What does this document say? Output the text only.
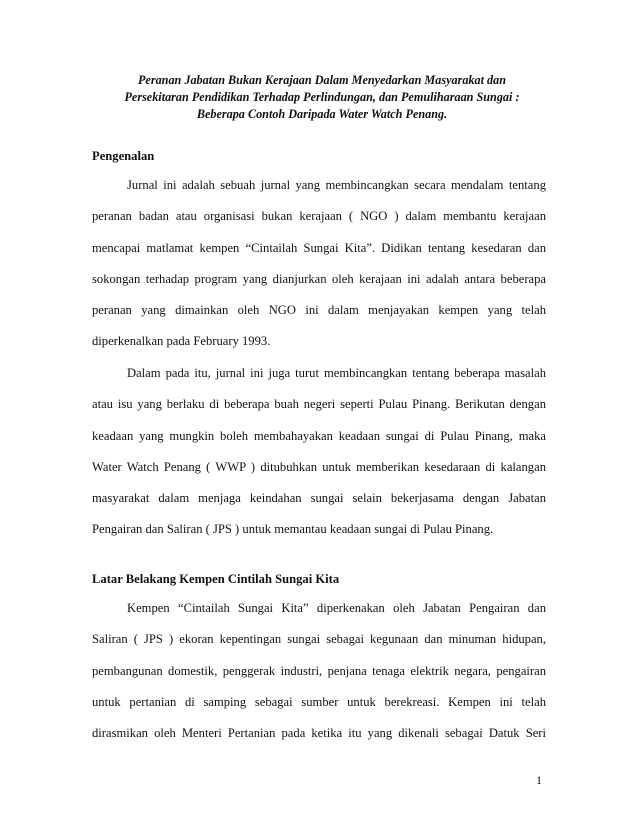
Peranan Jabatan Bukan Kerajaan Dalam Menyedarkan Masyarakat dan
Persekitaran Pendidikan Terhadap Perlindungan, dan Pemuliharaan Sungai :
Beberapa Contoh Daripada Water Watch Penang.
Pengenalan
Jurnal ini adalah sebuah jurnal yang membincangkan secara mendalam tentang
peranan badan atau organisasi bukan kerajaan ( NGO ) dalam membantu kerajaan
mencapai matlamat kempen “Cintailah Sungai Kita”. Didikan tentang kesedaran dan
sokongan terhadap program yang dianjurkan oleh kerajaan ini adalah antara beberapa
peranan yang dimainkan oleh NGO ini dalam menjayakan kempen yang telah
diperkenalkan pada February 1993.
Dalam pada itu, jurnal ini juga turut membincangkan tentang beberapa masalah
atau isu yang berlaku di beberapa buah negeri seperti Pulau Pinang. Berikutan dengan
keadaan yang mungkin boleh membahayakan keadaan sungai di Pulau Pinang, maka
Water Watch Penang ( WWP ) ditubuhkan untuk memberikan kesedaraan di kalangan
masyarakat dalam menjaga keindahan sungai selain bekerjasama dengan Jabatan
Pengairan dan Saliran ( JPS ) untuk memantau keadaan sungai di Pulau Pinang.
Latar Belakang Kempen Cintilah Sungai Kita
Kempen “Cintailah Sungai Kita” diperkenakan oleh Jabatan Pengairan dan
Saliran ( JPS ) ekoran kepentingan sungai sebagai kegunaan dan minuman hidupan,
pembangunan domestik, penggerak industri, penjana tenaga elektrik negara, pengairan
untuk pertanian di samping sebagai sumber untuk berekreasi. Kempen ini telah
dirasmikan oleh Menteri Pertanian pada ketika itu yang dikenali sebagai Datuk Seri
1
